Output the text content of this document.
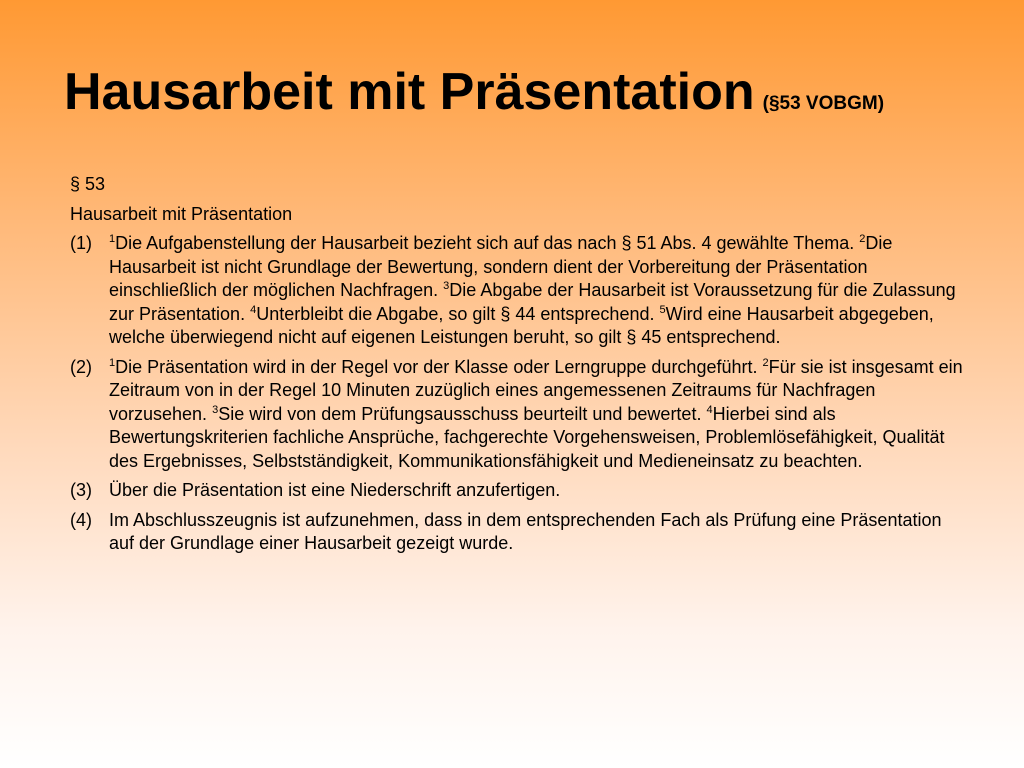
Hausarbeit mit Präsentation (§53 VOBGM)

§ 53

Hausarbeit mit Präsentation

(1)	$^1$Die Aufgabenstellung der Hausarbeit bezieht sich auf das nach § 51 Abs. 4 gewählte Thema. $^2$Die Hausarbeit ist nicht Grundlage der Bewertung, sondern dient der Vorbereitung der Präsentation einschließlich der möglichen Nachfragen. $^3$Die Abgabe der Hausarbeit ist Voraussetzung für die Zulassung zur Präsentation. $^4$Unterbleibt die Abgabe, so gilt § 44 entsprechend. $^5$Wird eine Hausarbeit abgegeben, welche überwiegend nicht auf eigenen Leistungen beruht, so gilt § 45 entsprechend.
(2)	$^1$Die Präsentation wird in der Regel vor der Klasse oder Lerngruppe durchgeführt. $^2$Für sie ist insgesamt ein Zeitraum von in der Regel 10 Minuten zuzüglich eines angemessenen Zeitraums für Nachfragen vorzusehen. $^3$Sie wird von dem Prüfungsausschuss beurteilt und bewertet. $^4$Hierbei sind als Bewertungskriterien fachliche Ansprüche, fachgerechte Vorgehensweisen, Problemlösefähigkeit, Qualität des Ergebnisses, Selbstständigkeit, Kommunikationsfähigkeit und Medieneinsatz zu beachten.
(3) Über die Präsentation ist eine Niederschrift anzufertigen.
(4) Im Abschlusszeugnis ist aufzunehmen, dass in dem entsprechenden Fach als Prüfung eine Präsentation auf der Grundlage einer Hausarbeit gezeigt wurde.
